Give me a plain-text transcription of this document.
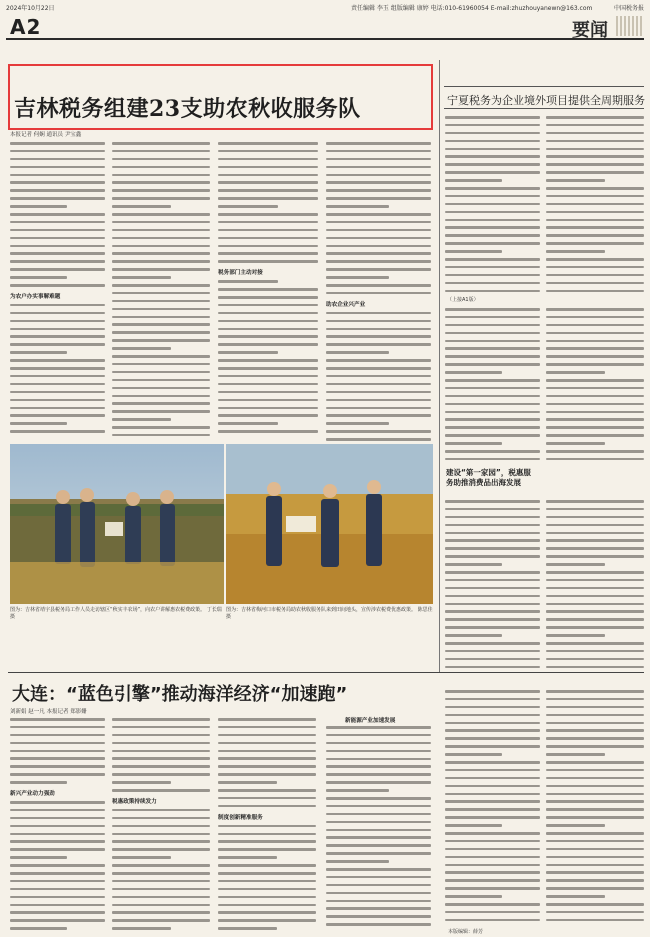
2024年10月22日	责任编辑 李玉 组版编辑 康婷 电话:010-61960054 E-mail:zhuzhouyanewn@163.com	中国税务报
A2	要闻
吉林税务组建23支助农秋收服务队
本报记者 何娴 通讯员 尹宝鑫
为农户办实事解难题
税务部门主动对接
助农企业兴产业
图为：吉林省靖宇县税务局工作人员走访辖区“秋实丰农场”，向农户讲解惠农税费政策。 丁长瑞 摄
图为：吉林省梅河口市税务局助农秋收服务队来到田间地头，宣传涉农税费优惠政策。 陈思佳 摄
宁夏税务为企业境外项目提供全周期服务
（上接A1版）
建设“第一家园”，税惠服务助推消费品出海发展
大连：“蓝色引擎”推动海洋经济“加速跑”
刘新娟 赵一凡 本报记者 郑影姗
新兴产业动力强劲
税惠政策持续发力
制度创新精准服务
新能源产业加速发展
本版编辑：薛芳
